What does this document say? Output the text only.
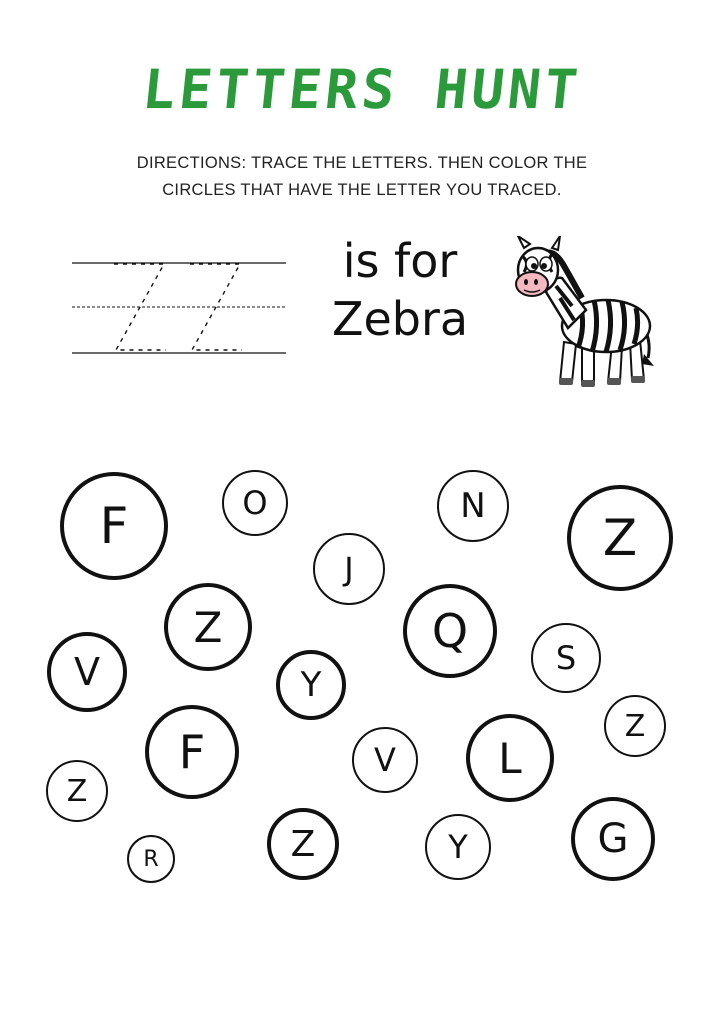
LETTERS HUNT
DIRECTIONS: TRACE THE LETTERS. THEN COLOR THE
CIRCLES THAT HAVE THE LETTER YOU TRACED.
is for
Zebra
F	O	N
Z
J
Z	Q	S
V	Y
Z
F	V L
Z
Z
R	Y	G
